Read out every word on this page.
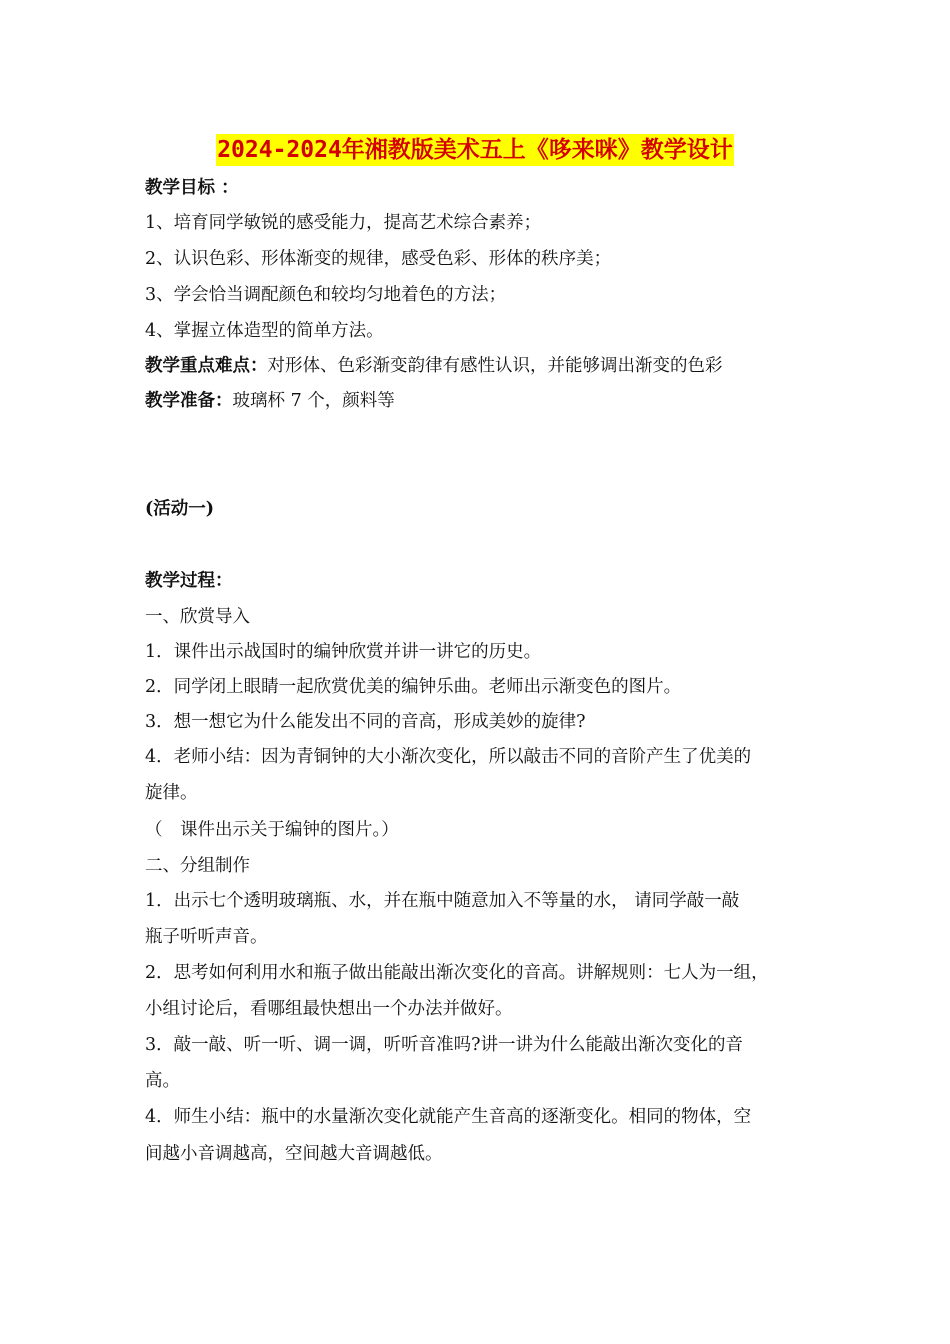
2024-2024年湘教版美术五上《哆来咪》教学设计
教学目标 ：
1、培育同学敏锐的感受能力，提高艺术综合素养；
2、认识色彩、形体渐变的规律，感受色彩、形体的秩序美；
3、学会恰当调配颜色和较均匀地着色的方法；
4、掌握立体造型的简单方法。
教学重点难点：对形体、色彩渐变韵律有感性认识，并能够调出渐变的色彩
教学准备：玻璃杯 7 个，颜料等
(活动一)
教学过程：
一、欣赏导入
1．课件出示战国时的编钟欣赏并讲一讲它的历史。
2．同学闭上眼睛一起欣赏优美的编钟乐曲。老师出示渐变色的图片。
3．想一想它为什么能发出不同的音高，形成美妙的旋律?
4．老师小结：因为青铜钟的大小渐次变化，所以敲击不同的音阶产生了优美的
旋律。
（　课件出示关于编钟的图片。）
二、分组制作
1．出示七个透明玻璃瓶、水，并在瓶中随意加入不等量的水， 请同学敲一敲
瓶子听听声音。
2．思考如何利用水和瓶子做出能敲出渐次变化的音高。讲解规则：七人为一组，
小组讨论后，看哪组最快想出一个办法并做好。
3．敲一敲、听一听、调一调，听听音准吗?讲一讲为什么能敲出渐次变化的音
高。
4．师生小结：瓶中的水量渐次变化就能产生音高的逐渐变化。相同的物体，空
间越小音调越高，空间越大音调越低。
